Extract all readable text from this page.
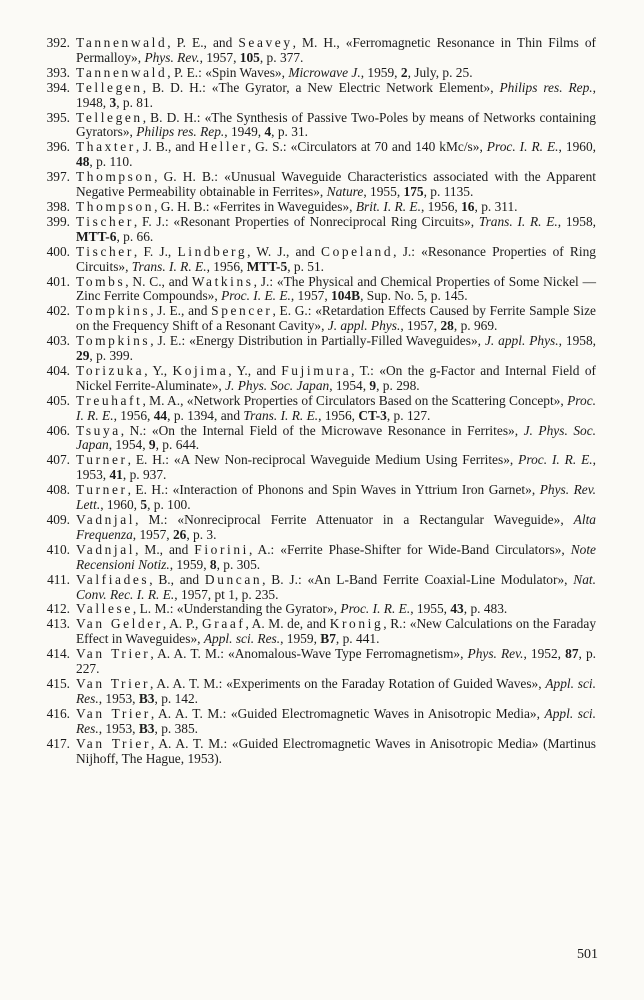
392. Tannenwald, P. E., and Seavey, M. H., «Ferromagnetic Resonance in Thin Films of Permalloy», Phys. Rev., 1957, 105, p. 377.
393. Tannenwald, P. E.: «Spin Waves», Microwave J., 1959, 2, July, p. 25.
394. Tellegen, B. D. H.: «The Gyrator, a New Electric Network Element», Philips res. Rep., 1948, 3, p. 81.
395. Tellegen, B. D. H.: «The Synthesis of Passive Two-Poles by means of Networks containing Gyrators», Philips res. Rep., 1949, 4, p. 31.
396. Thaxter, J. B., and Heller, G. S.: «Circulators at 70 and 140 kMc/s», Proc. I. R. E., 1960, 48, p. 110.
397. Thompson, G. H. B.: «Unusual Waveguide Characteristics associated with the Apparent Negative Permeability obtainable in Ferrites», Nature, 1955, 175, p. 1135.
398. Thompson, G. H. B.: «Ferrites in Waveguides», Brit. I. R. E., 1956, 16, p. 311.
399. Tischer, F. J.: «Resonant Properties of Nonreciprocal Ring Circuits», Trans. I. R. E., 1958, MTT-6, p. 66.
400. Tischer, F. J., Lindberg, W. J., and Copeland, J.: «Resonance Properties of Ring Circuits», Trans. I. R. E., 1956, MTT-5, p. 51.
401. Tombs, N. C., and Watkins, J.: «The Physical and Chemical Properties of Some Nickel — Zinc Ferrite Compounds», Proc. I. E. E., 1957, 104B, Sup. No. 5, p. 145.
402. Tompkins, J. E., and Spencer, E. G.: «Retardation Effects Caused by Ferrite Sample Size on the Frequency Shift of a Resonant Cavity», J. appl. Phys., 1957, 28, p. 969.
403. Tompkins, J. E.: «Energy Distribution in Partially-Filled Waveguides», J. appl. Phys., 1958, 29, p. 399.
404. Torizuka, Y., Kojima, Y., and Fujimura, T.: «On the g-Factor and Internal Field of Nickel Ferrite-Aluminate», J. Phys. Soc. Japan, 1954, 9, p. 298.
405. Treuhaft, M. A., «Network Properties of Circulators Based on the Scattering Concept», Proc. I. R. E., 1956, 44, p. 1394, and Trans. I. R. E., 1956, CT-3, p. 127.
406. Tsuya, N.: «On the Internal Field of the Microwave Resonance in Ferrites», J. Phys. Soc. Japan, 1954, 9, p. 644.
407. Turner, E. H.: «A New Non-reciprocal Waveguide Medium Using Ferrites», Proc. I. R. E., 1953, 41, p. 937.
408. Turner, E. H.: «Interaction of Phonons and Spin Waves in Yttrium Iron Garnet», Phys. Rev. Lett., 1960, 5, p. 100.
409. Vadnjal, M.: «Nonreciprocal Ferrite Attenuator in a Rectangular Waveguide», Alta Frequenza, 1957, 26, p. 3.
410. Vadnjal, M., and Fiorini, A.: «Ferrite Phase-Shifter for Wide-Band Circulators», Note Recensioni Notiz., 1959, 8, p. 305.
411. Valfiades, B., and Duncan, B. J.: «An L-Band Ferrite Coaxial-Line Modulator», Nat. Conv. Rec. I. R. E., 1957, pt 1, p. 235.
412. Vallese, L. M.: «Understanding the Gyrator», Proc. I. R. E., 1955, 43, p. 483.
413. Van Gelder, A. P., Graaf, A. M. de, and Kronig, R.: «New Calculations on the Faraday Effect in Waveguides», Appl. sci. Res., 1959, B7, p. 441.
414. Van Trier, A. A. T. M.: «Anomalous-Wave Type Ferromagnetism», Phys. Rev., 1952, 87, p. 227.
415. Van Trier, A. A. T. M.: «Experiments on the Faraday Rotation of Guided Waves», Appl. sci. Res., 1953, B3, p. 142.
416. Van Trier, A. A. T. M.: «Guided Electromagnetic Waves in Anisotropic Media», Appl. sci. Res., 1953, B3, p. 385.
417. Van Trier, A. A. T. M.: «Guided Electromagnetic Waves in Anisotropic Media» (Martinus Nijhoff, The Hague, 1953).
501
